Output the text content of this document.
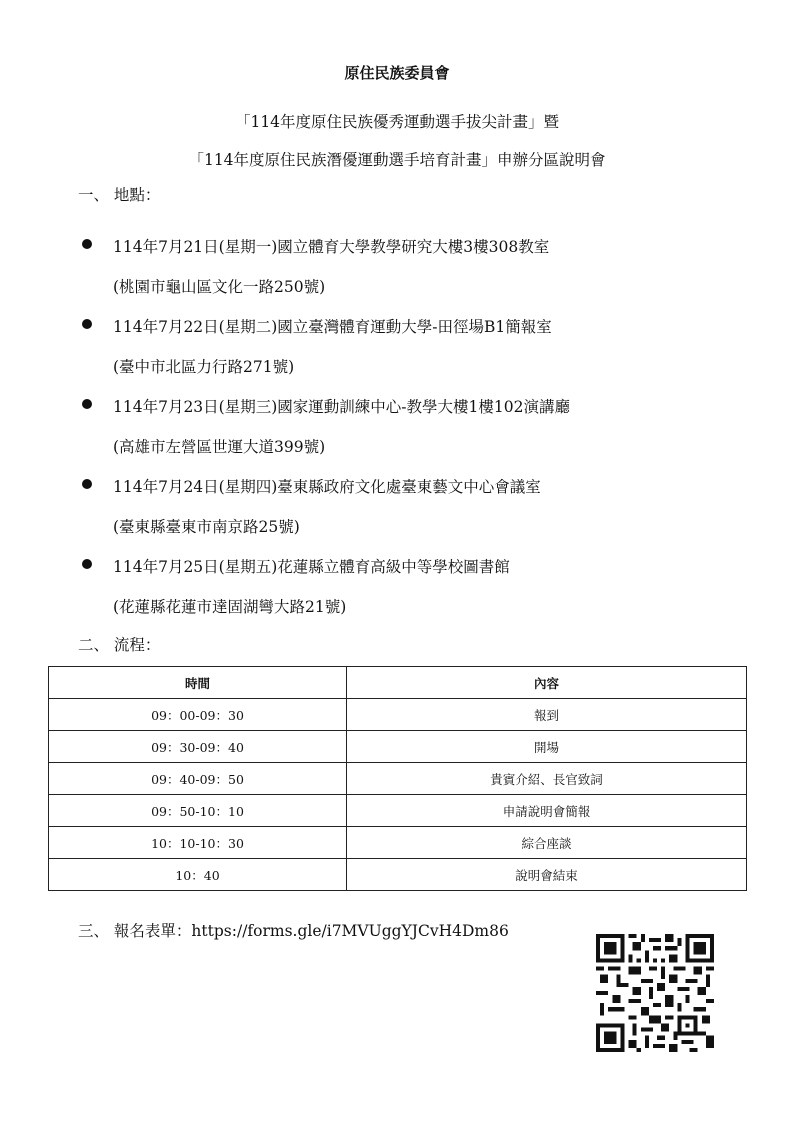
原住民族委員會
「114年度原住民族優秀運動選手拔尖計畫」暨
「114年度原住民族潛優運動選手培育計畫」申辦分區說明會
一、 地點：
114年7月21日(星期一)國立體育大學教學研究大樓3樓308教室
(桃園市龜山區文化一路250號)
114年7月22日(星期二)國立臺灣體育運動大學-田徑場B1簡報室
(臺中市北區力行路271號)
114年7月23日(星期三)國家運動訓練中心-教學大樓1樓102演講廳
(高雄市左營區世運大道399號)
114年7月24日(星期四)臺東縣政府文化處臺東藝文中心會議室
(臺東縣臺東市南京路25號)
114年7月25日(星期五)花蓮縣立體育高級中等學校圖書館
(花蓮縣花蓮市達固湖彎大路21號)
二、 流程：
時間	內容
09：00-09：30	報到
09：30-09：40	開場
09：40-09：50	貴賓介紹、長官致詞
09：50-10：10	申請說明會簡報
10：10-10：30	綜合座談
10：40	說明會結束
三、 報名表單：https://forms.gle/i7MVUggYJCvH4Dm86
